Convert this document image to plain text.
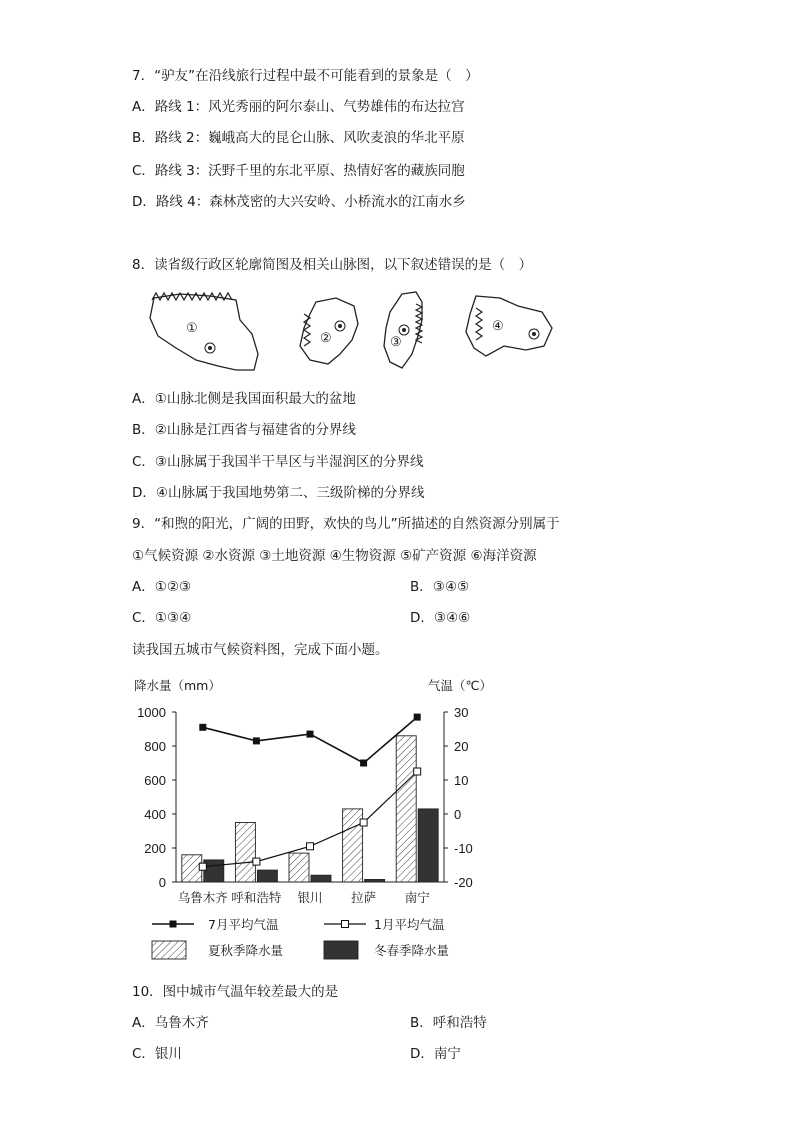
7．“驴友”在沿线旅行过程中最不可能看到的景象是（　）
A．路线 1：风光秀丽的阿尔泰山、气势雄伟的布达拉宫
B．路线 2：巍峨高大的昆仑山脉、风吹麦浪的华北平原
C．路线 3：沃野千里的东北平原、热情好客的藏族同胞
D．路线 4：森林茂密的大兴安岭、小桥流水的江南水乡
8．读省级行政区轮廓简图及相关山脉图，以下叙述错误的是（　）
①
②	③
④
A．①山脉北侧是我国面积最大的盆地
B．②山脉是江西省与福建省的分界线
C．③山脉属于我国半干旱区与半湿润区的分界线
D．④山脉属于我国地势第二、三级阶梯的分界线
9．“和煦的阳光，广阔的田野，欢快的鸟儿”所描述的自然资源分别属于
①气候资源 ②水资源 ③土地资源 ④生物资源 ⑤矿产资源 ⑥海洋资源
A．①②③	B．③④⑤
C．①③④	D．③④⑥
读我国五城市气候资料图，完成下面小题。
降水量（mm）	气温（℃）
0
200
400
600
800
1000
-20
-10
0
10
20
30
乌鲁木齐 呼和浩特 银川 拉萨 南宁
7月平均气温	1月平均气温
夏秋季降水量	冬春季降水量
10．图中城市气温年较差最大的是
A．乌鲁木齐	B．呼和浩特
C．银川	D．南宁
